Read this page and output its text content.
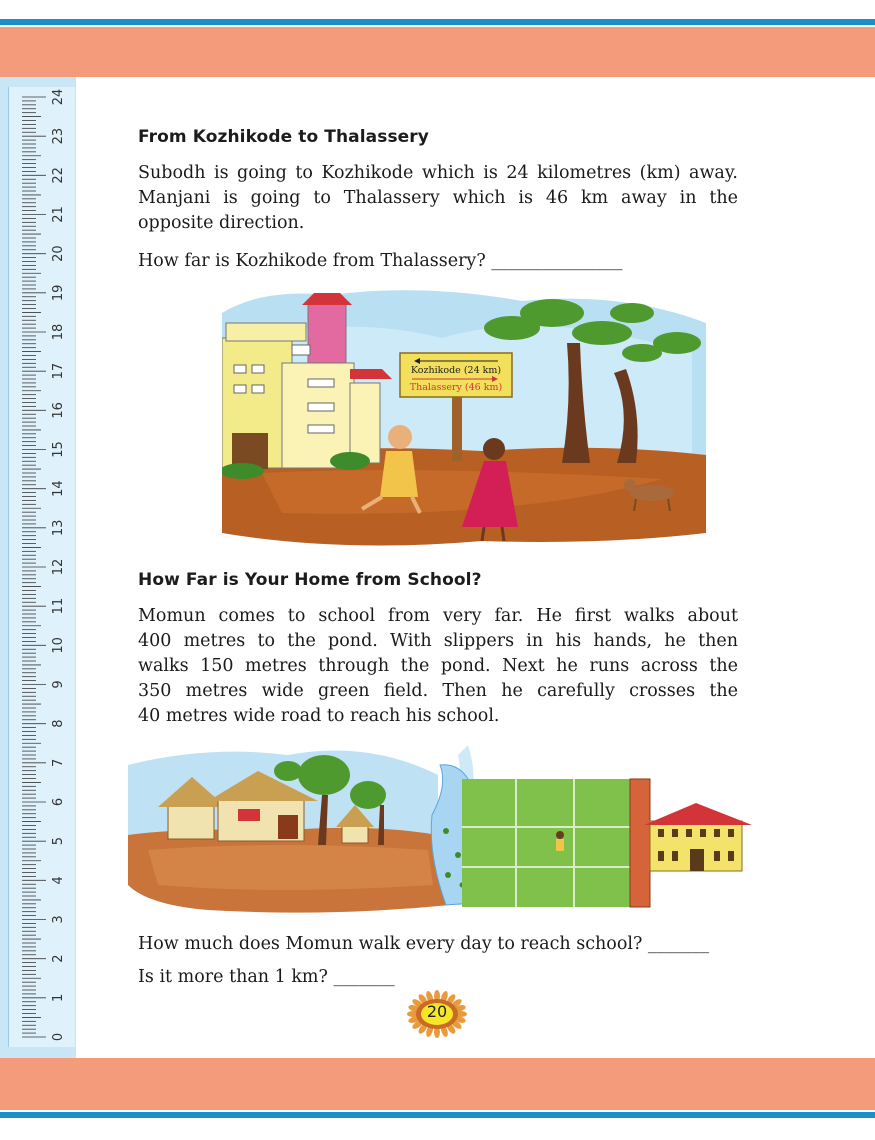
0
1
2
3
4
5
6
7
8
9
10
11
12
13
14
15
16
17
18
19
20
21
22
23
24
From Kozhikode to Thalassery
Subodh is going to Kozhikode which is 24 kilometres (km) away.
Manjani is going to Thalassery which is 46 km away in the
opposite direction.
How far is Kozhikode from Thalassery? _______________
Kozhikode (24 km)
Thalassery (46 km)
How Far is Your Home from School?
Momun comes to school from very far. He first walks about
400 metres to the pond. With slippers in his hands, he then
walks 150 metres through the pond. Next he runs across the
350 metres wide green field. Then he carefully crosses the
40 metres wide road to reach his school.
How much does Momun walk every day to reach school? _______
Is it more than 1 km? _______
20
